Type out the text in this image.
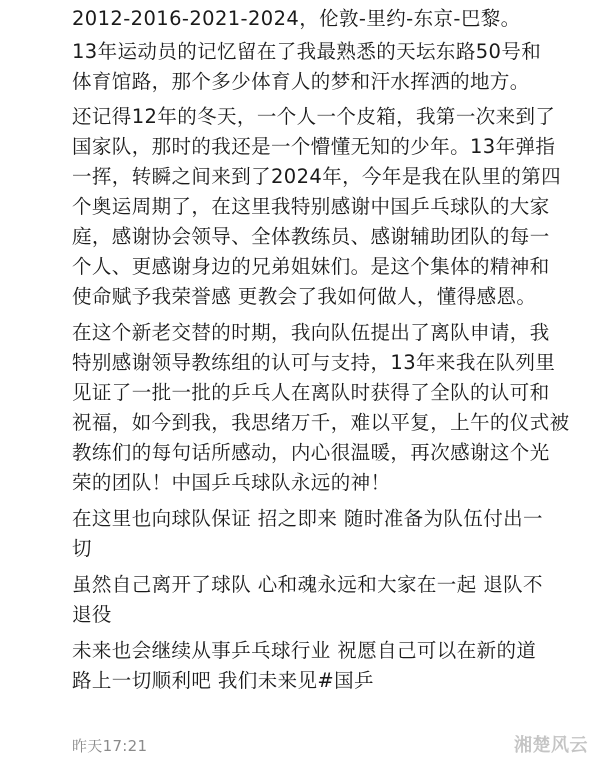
2012-2016-2021-2024，伦敦-里约-东京-巴黎。
13年运动员的记忆留在了我最熟悉的天坛东路50号和
体育馆路，那个多少体育人的梦和汗水挥洒的地方。
还记得12年的冬天，一个人一个皮箱，我第一次来到了
国家队，那时的我还是一个懵懂无知的少年。13年弹指
一挥，转瞬之间来到了2024年，今年是我在队里的第四
个奥运周期了，在这里我特别感谢中国乒乓球队的大家
庭，感谢协会领导、全体教练员、感谢辅助团队的每一
个人、更感谢身边的兄弟姐妹们。是这个集体的精神和
使命赋予我荣誉感 更教会了我如何做人，懂得感恩。
在这个新老交替的时期，我向队伍提出了离队申请，我
特别感谢领导教练组的认可与支持，13年来我在队列里
见证了一批一批的乒乓人在离队时获得了全队的认可和
祝福，如今到我，我思绪万千，难以平复，上午的仪式被
教练们的每句话所感动，内心很温暖，再次感谢这个光
荣的团队！中国乒乓球队永远的神！
在这里也向球队保证 招之即来 随时准备为队伍付出一
切
虽然自己离开了球队 心和魂永远和大家在一起 退队不
退役
未来也会继续从事乒乓球行业 祝愿自己可以在新的道
路上一切顺利吧 我们未来见#国乒
昨天17:21	湘楚风云
